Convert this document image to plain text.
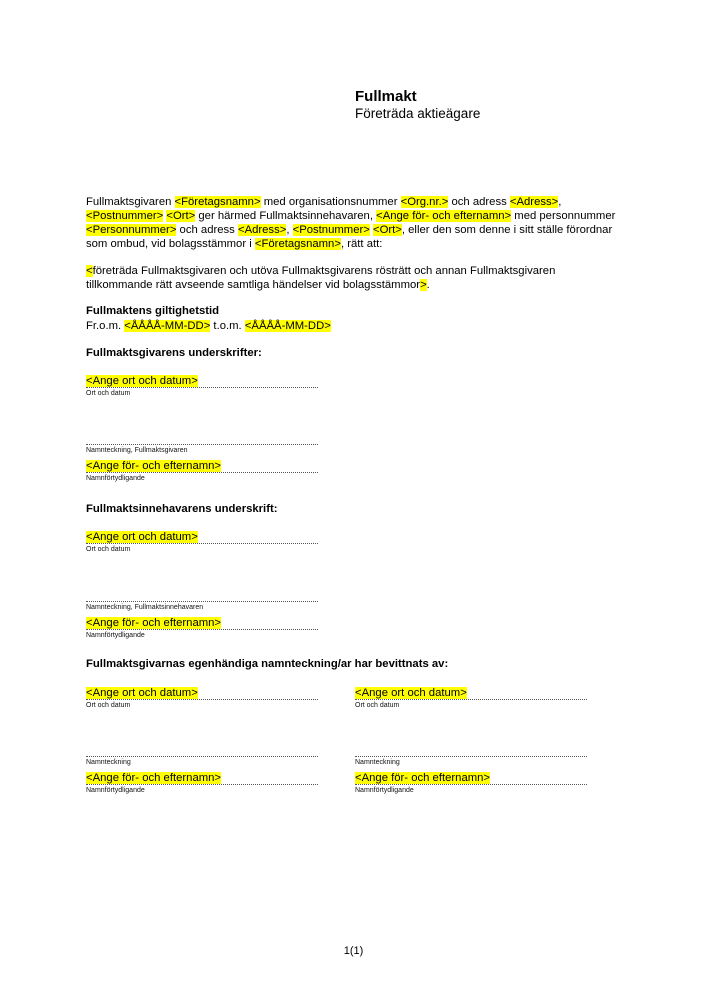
Fullmakt
Företräda aktieägare
Fullmaktsgivaren <Företagsnamn> med organisationsnummer <Org.nr.> och adress <Adress>, <Postnummer> <Ort> ger härmed Fullmaktsinnehavaren, <Ange för- och efternamn> med personnummer <Personnummer> och adress <Adress>, <Postnummer> <Ort>, eller den som denne i sitt ställe förordnar som ombud, vid bolagsstämmor i <Företagsnamn>, rätt att:
<företräda Fullmaktsgivaren och utöva Fullmaktsgivarens rösträtt och annan Fullmaktsgivaren tillkommande rätt avseende samtliga händelser vid bolagsstämmor>.
Fullmaktens giltighetstid
Fr.o.m. <ÅÅÅÅ-MM-DD> t.o.m. <ÅÅÅÅ-MM-DD>
Fullmaktsgivarens underskrifter:
<Ange ort och datum>
Ort och datum
Namnteckning, Fullmaktsgivaren
<Ange för- och efternamn>
Namnförtydligande
Fullmaktsinnehavarens underskrift:
<Ange ort och datum>
Ort och datum
Namnteckning, Fullmaktsinnehavaren
<Ange för- och efternamn>
Namnförtydligande
Fullmaktsgivarnas egenhändiga namnteckning/ar har bevittnats av:
<Ange ort och datum>
Ort och datum
Namnteckning
<Ange för- och efternamn>
Namnförtydligande
<Ange ort och datum>
Ort och datum
Namnteckning
<Ange för- och efternamn>
Namnförtydligande
1(1)
